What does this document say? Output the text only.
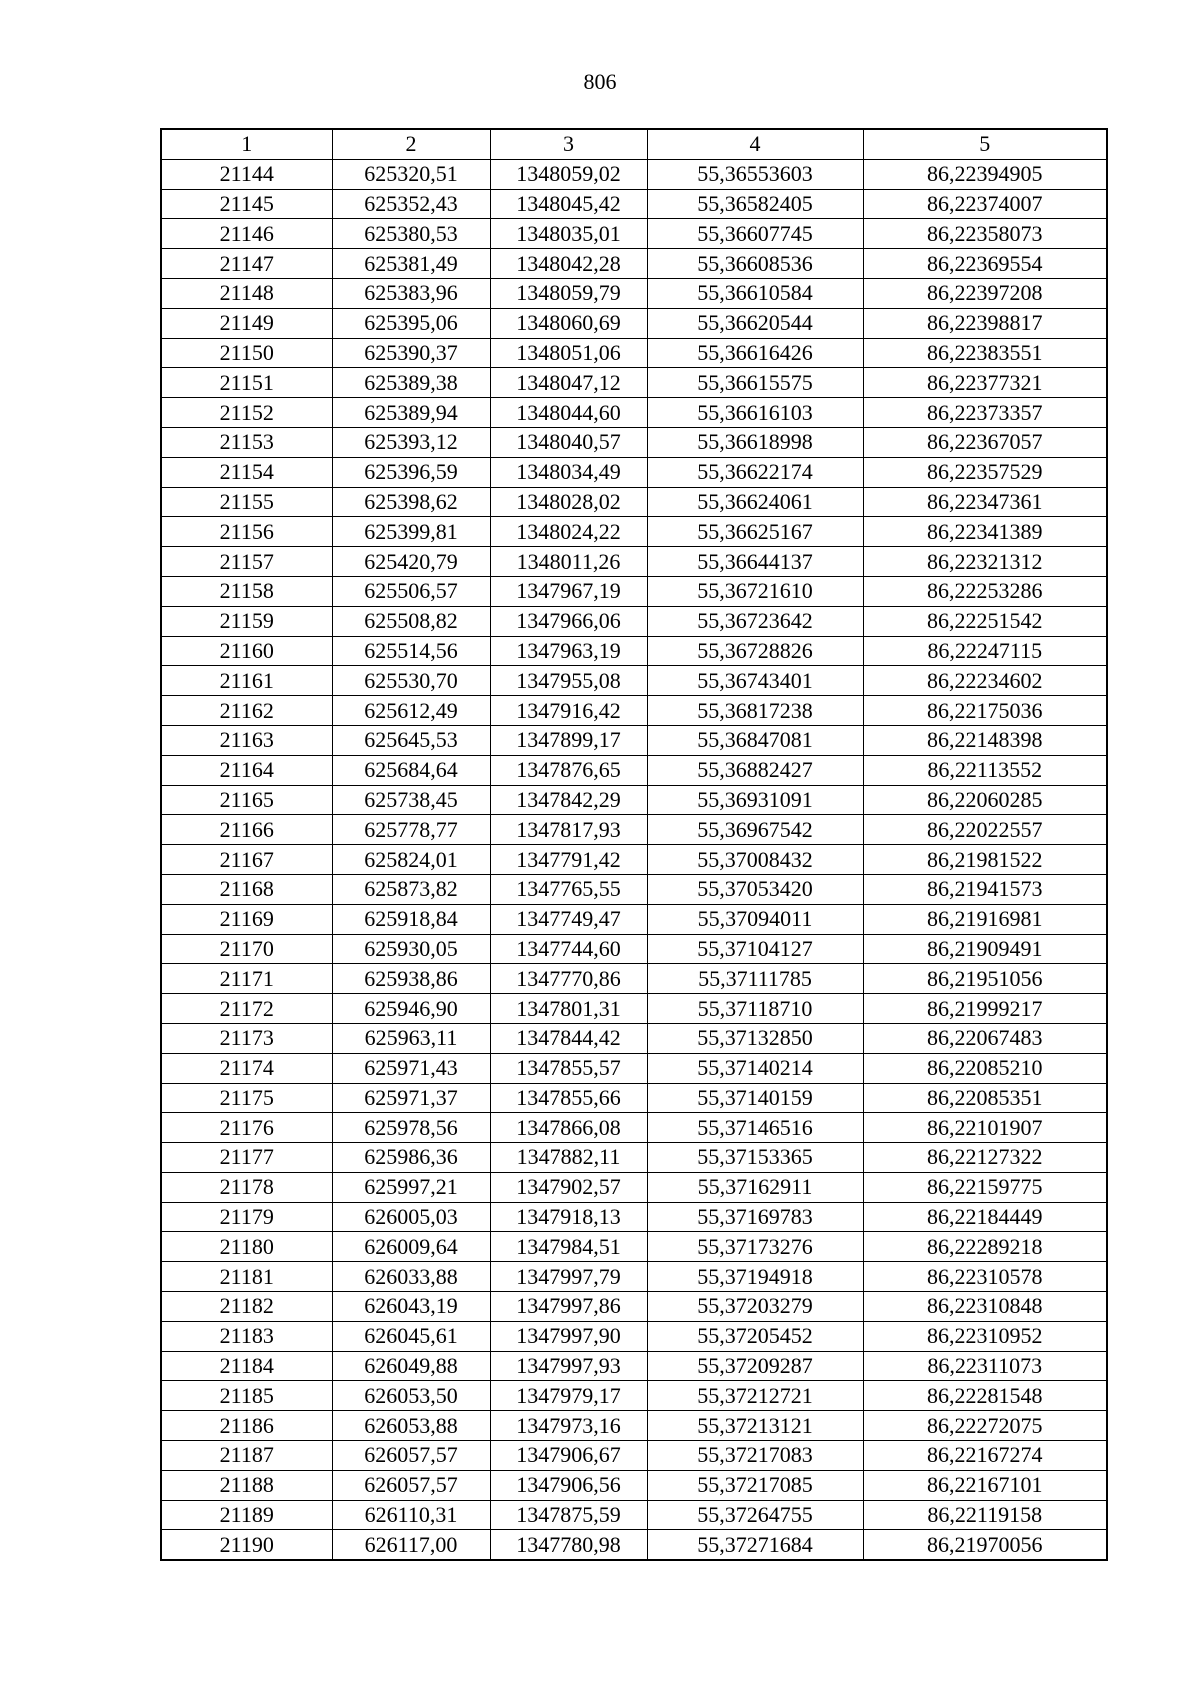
806
1	2	3	4	5
21144	625320,51	1348059,02	55,36553603	86,22394905
21145	625352,43	1348045,42	55,36582405	86,22374007
21146	625380,53	1348035,01	55,36607745	86,22358073
21147	625381,49	1348042,28	55,36608536	86,22369554
21148	625383,96	1348059,79	55,36610584	86,22397208
21149	625395,06	1348060,69	55,36620544	86,22398817
21150	625390,37	1348051,06	55,36616426	86,22383551
21151	625389,38	1348047,12	55,36615575	86,22377321
21152	625389,94	1348044,60	55,36616103	86,22373357
21153	625393,12	1348040,57	55,36618998	86,22367057
21154	625396,59	1348034,49	55,36622174	86,22357529
21155	625398,62	1348028,02	55,36624061	86,22347361
21156	625399,81	1348024,22	55,36625167	86,22341389
21157	625420,79	1348011,26	55,36644137	86,22321312
21158	625506,57	1347967,19	55,36721610	86,22253286
21159	625508,82	1347966,06	55,36723642	86,22251542
21160	625514,56	1347963,19	55,36728826	86,22247115
21161	625530,70	1347955,08	55,36743401	86,22234602
21162	625612,49	1347916,42	55,36817238	86,22175036
21163	625645,53	1347899,17	55,36847081	86,22148398
21164	625684,64	1347876,65	55,36882427	86,22113552
21165	625738,45	1347842,29	55,36931091	86,22060285
21166	625778,77	1347817,93	55,36967542	86,22022557
21167	625824,01	1347791,42	55,37008432	86,21981522
21168	625873,82	1347765,55	55,37053420	86,21941573
21169	625918,84	1347749,47	55,37094011	86,21916981
21170	625930,05	1347744,60	55,37104127	86,21909491
21171	625938,86	1347770,86	55,37111785	86,21951056
21172	625946,90	1347801,31	55,37118710	86,21999217
21173	625963,11	1347844,42	55,37132850	86,22067483
21174	625971,43	1347855,57	55,37140214	86,22085210
21175	625971,37	1347855,66	55,37140159	86,22085351
21176	625978,56	1347866,08	55,37146516	86,22101907
21177	625986,36	1347882,11	55,37153365	86,22127322
21178	625997,21	1347902,57	55,37162911	86,22159775
21179	626005,03	1347918,13	55,37169783	86,22184449
21180	626009,64	1347984,51	55,37173276	86,22289218
21181	626033,88	1347997,79	55,37194918	86,22310578
21182	626043,19	1347997,86	55,37203279	86,22310848
21183	626045,61	1347997,90	55,37205452	86,22310952
21184	626049,88	1347997,93	55,37209287	86,22311073
21185	626053,50	1347979,17	55,37212721	86,22281548
21186	626053,88	1347973,16	55,37213121	86,22272075
21187	626057,57	1347906,67	55,37217083	86,22167274
21188	626057,57	1347906,56	55,37217085	86,22167101
21189	626110,31	1347875,59	55,37264755	86,22119158
21190	626117,00	1347780,98	55,37271684	86,21970056
